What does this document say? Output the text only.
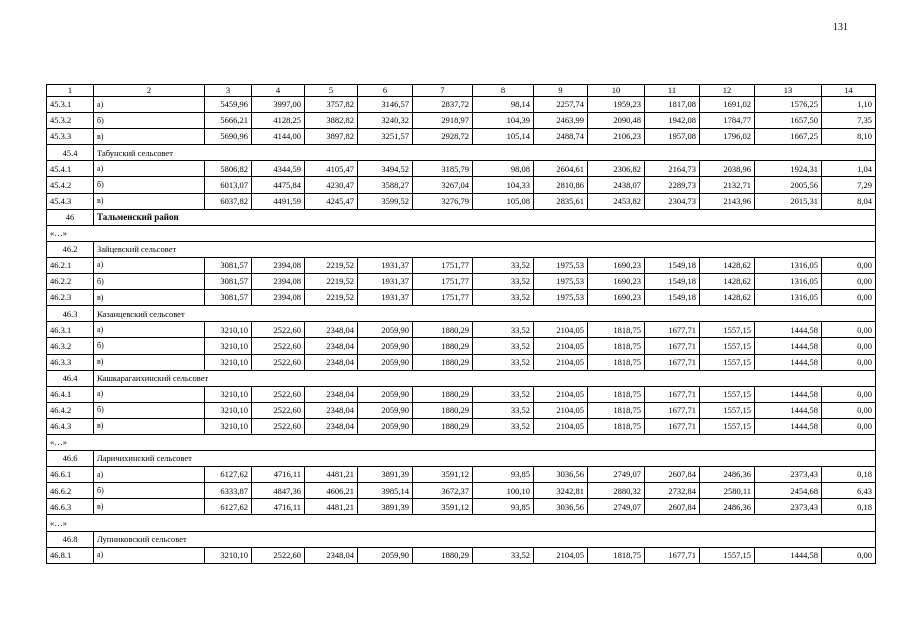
131
1	2	3	4	5	6	7	8	9	10	11	12	13	14
45.3.1	а)	5459,96	3997,00	3757,82	3146,57	2837,72	98,14	2257,74	1959,23	1817,08	1691,02	1576,25	1,10
45.3.2	б)	5666,21	4128,25	3882,82	3240,32	2918,97	104,39	2463,99	2090,48	1942,08	1784,77	1657,50	7,35
45.3.3	в)	5690,96	4144,00	3897,82	3251,57	2928,72	105,14	2488,74	2106,23	1957,08	1796,02	1667,25	8,10
45.4	Табунский сельсовет												
45.4.1	а)	5806,82	4344,59	4105,47	3494,52	3185,79	98,08	2604,61	2306,82	2164,73	2038,96	1924,31	1,04
45.4.2	б)	6013,07	4475,84	4230,47	3588,27	3267,04	104,33	2810,86	2438,07	2289,73	2132,71	2005,56	7,29
45.4.3	в)	6037,82	4491,59	4245,47	3599,52	3276,79	105,08	2835,61	2453,82	2304,73	2143,96	2015,31	8,04
46	Тальменский район												
«…»													
46.2	Зайцевский сельсовет												
46.2.1	а)	3081,57	2394,08	2219,52	1931,37	1751,77	33,52	1975,53	1690,23	1549,18	1428,62	1316,05	0,00
46.2.2	б)	3081,57	2394,08	2219,52	1931,37	1751,77	33,52	1975,53	1690,23	1549,18	1428,62	1316,05	0,00
46.2.3	в)	3081,57	2394,08	2219,52	1931,37	1751,77	33,52	1975,53	1690,23	1549,18	1428,62	1316,05	0,00
46.3	Казанцевский сельсовет												
46.3.1	а)	3210,10	2522,60	2348,04	2059,90	1880,29	33,52	2104,05	1818,75	1677,71	1557,15	1444,58	0,00
46.3.2	б)	3210,10	2522,60	2348,04	2059,90	1880,29	33,52	2104,05	1818,75	1677,71	1557,15	1444,58	0,00
46.3.3	в)	3210,10	2522,60	2348,04	2059,90	1880,29	33,52	2104,05	1818,75	1677,71	1557,15	1444,58	0,00
46.4	Кашкарагаихинский сельсовет												
46.4.1	а)	3210,10	2522,60	2348,04	2059,90	1880,29	33,52	2104,05	1818,75	1677,71	1557,15	1444,58	0,00
46.4.2	б)	3210,10	2522,60	2348,04	2059,90	1880,29	33,52	2104,05	1818,75	1677,71	1557,15	1444,58	0,00
46.4.3	в)	3210,10	2522,60	2348,04	2059,90	1880,29	33,52	2104,05	1818,75	1677,71	1557,15	1444,58	0,00
«…»													
46.6	Ларичихинский сельсовет												
46.6.1	а)	6127,62	4716,11	4481,21	3891,39	3591,12	93,85	3036,56	2749,07	2607,84	2486,36	2373,43	0,18
46.6.2	б)	6333,87	4847,36	4606,21	3985,14	3672,37	100,10	3242,81	2880,32	2732,84	2580,11	2454,68	6,43
46.6.3	в)	6127,62	4716,11	4481,21	3891,39	3591,12	93,85	3036,56	2749,07	2607,84	2486,36	2373,43	0,18
«…»													
46.8	Лупниковский сельсовет												
46.8.1	а)	3210,10	2522,60	2348,04	2059,90	1880,29	33,52	2104,05	1818,75	1677,71	1557,15	1444,58	0,00
